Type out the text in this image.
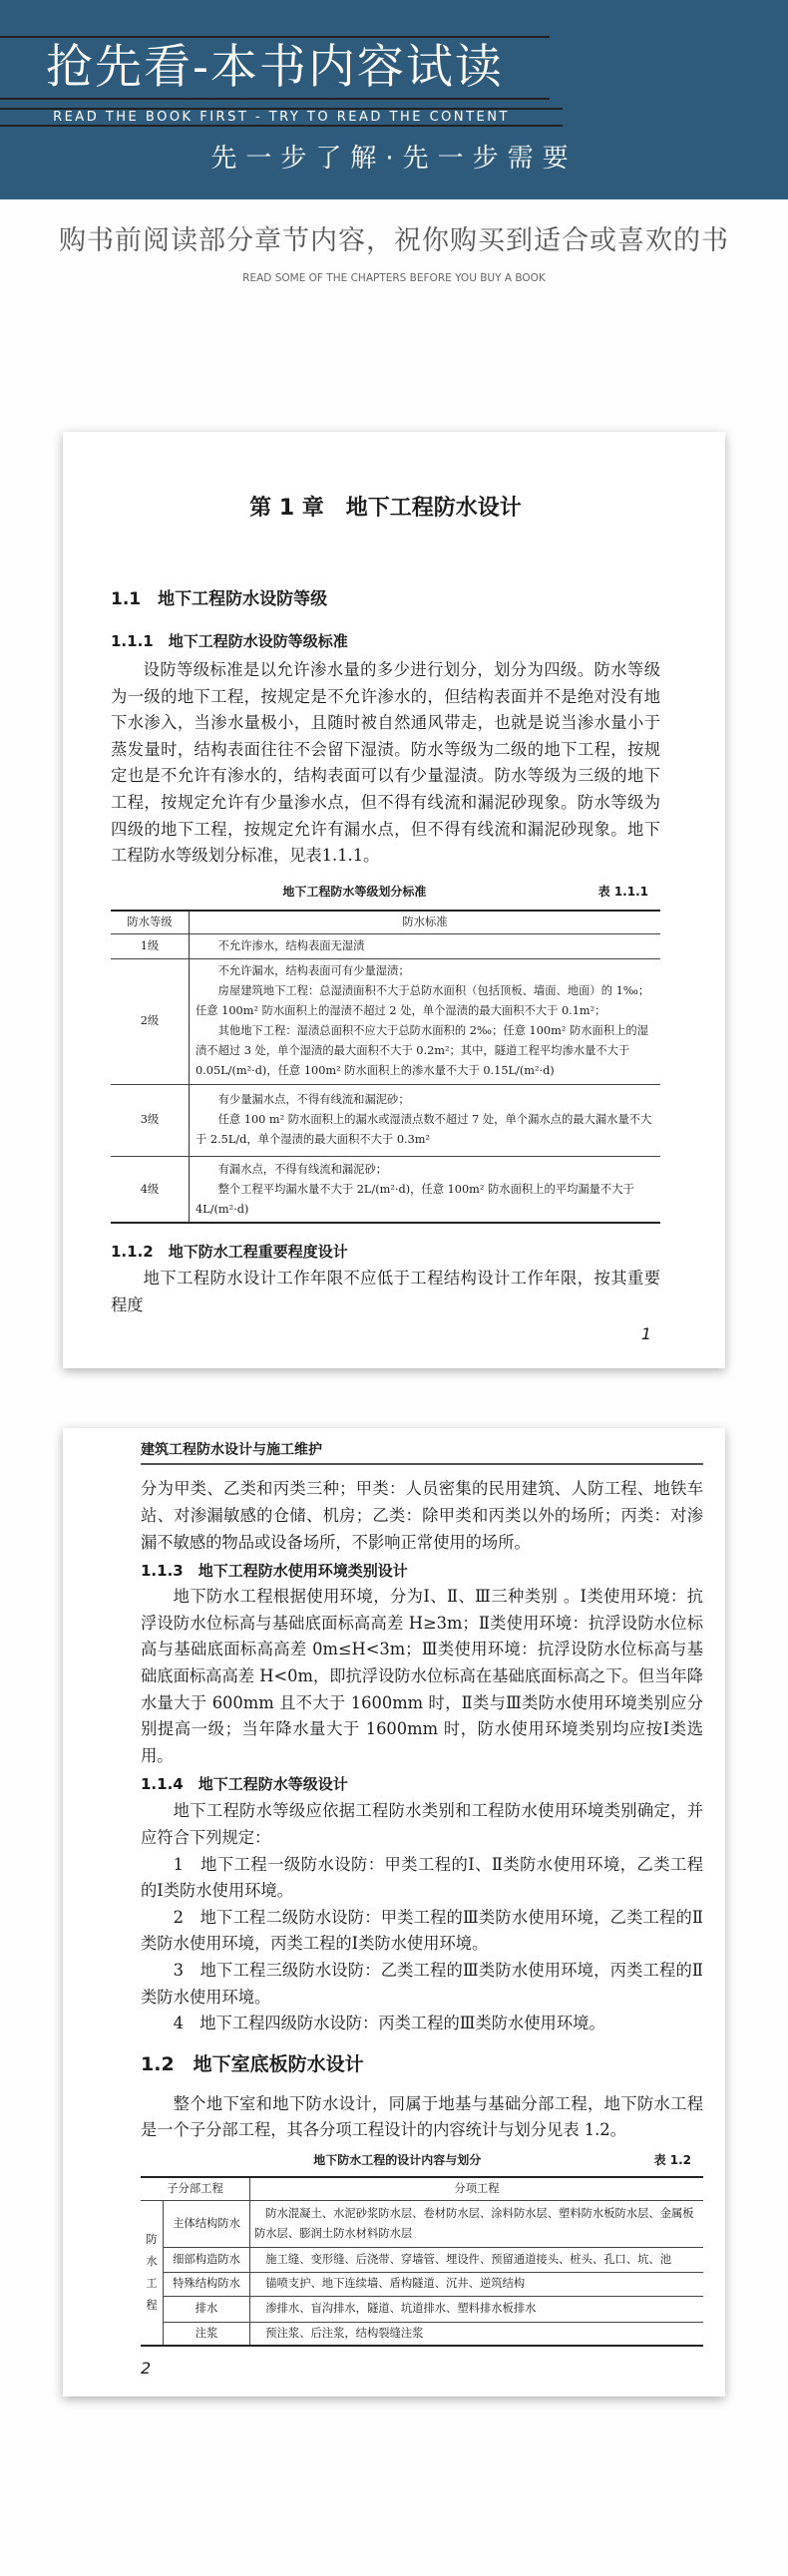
抢先看-本书内容试读
READ THE BOOK FIRST - TRY TO READ THE CONTENT
先一步了解·先一步需要
购书前阅读部分章节内容，祝你购买到适合或喜欢的书
READ SOME OF THE CHAPTERS BEFORE YOU BUY A BOOK
第 1 章　地下工程防水设计
1.1　地下工程防水设防等级
1.1.1　地下工程防水设防等级标准
设防等级标准是以允许渗水量的多少进行划分，划分为四级。防水等级为一级的地下工程，按规定是不允许渗水的，但结构表面并不是绝对没有地下水渗入，当渗水量极小，且随时被自然通风带走，也就是说当渗水量小于蒸发量时，结构表面往往不会留下湿渍。防水等级为二级的地下工程，按规定也是不允许有渗水的，结构表面可以有少量湿渍。防水等级为三级的地下工程，按规定允许有少量渗水点，但不得有线流和漏泥砂现象。防水等级为四级的地下工程，按规定允许有漏水点，但不得有线流和漏泥砂现象。地下工程防水等级划分标准，见表1.1.1。
地下工程防水等级划分标准	表 1.1.1
防水等级	防水标准
1级	不允许渗水，结构表面无湿渍

2级	不允许漏水，结构表面可有少量湿渍；

房屋建筑地下工程：总湿渍面积不大于总防水面积（包括顶板、墙面、地面）的 1‰；任意 100m² 防水面积上的湿渍不超过 2 处，单个湿渍的最大面积不大于 0.1m²；

其他地下工程：湿渍总面积不应大于总防水面积的 2‰；任意 100m² 防水面积上的湿渍不超过 3 处，单个湿渍的最大面积不大于 0.2m²；其中，隧道工程平均渗水量不大于 0.05L/(m²·d)，任意 100m² 防水面积上的渗水量不大于 0.15L/(m²·d)

3级	有少量漏水点，不得有线流和漏泥砂；

任意 100 m² 防水面积上的漏水或湿渍点数不超过 7 处，单个漏水点的最大漏水量不大于 2.5L/d，单个湿渍的最大面积不大于 0.3m²

4级	有漏水点，不得有线流和漏泥砂；

整个工程平均漏水量不大于 2L/(m²·d)，任意 100m² 防水面积上的平均漏量不大于 4L/(m²·d)

1.1.2　地下防水工程重要程度设计
地下工程防水设计工作年限不应低于工程结构设计工作年限，按其重要程度
1
建筑工程防水设计与施工维护
分为甲类、乙类和丙类三种；甲类：人员密集的民用建筑、人防工程、地铁车站、对渗漏敏感的仓储、机房；乙类：除甲类和丙类以外的场所；丙类：对渗漏不敏感的物品或设备场所，不影响正常使用的场所。
1.1.3　地下工程防水使用环境类别设计
地下防水工程根据使用环境，分为Ⅰ、Ⅱ、Ⅲ三种类别 。Ⅰ类使用环境：抗浮设防水位标高与基础底面标高高差 H≥3m；Ⅱ类使用环境：抗浮设防水位标高与基础底面标高高差 0m≤H<3m；Ⅲ类使用环境：抗浮设防水位标高与基础底面标高高差 H<0m，即抗浮设防水位标高在基础底面标高之下。但当年降水量大于 600mm 且不大于 1600mm 时，Ⅱ类与Ⅲ类防水使用环境类别应分别提高一级；当年降水量大于 1600mm 时，防水使用环境类别均应按Ⅰ类选用。
1.1.4　地下工程防水等级设计
地下工程防水等级应依据工程防水类别和工程防水使用环境类别确定，并应符合下列规定：
1　地下工程一级防水设防：甲类工程的Ⅰ、Ⅱ类防水使用环境，乙类工程的Ⅰ类防水使用环境。
2　地下工程二级防水设防：甲类工程的Ⅲ类防水使用环境，乙类工程的Ⅱ类防水使用环境，丙类工程的Ⅰ类防水使用环境。
3　地下工程三级防水设防：乙类工程的Ⅲ类防水使用环境，丙类工程的Ⅱ类防水使用环境。
4　地下工程四级防水设防：丙类工程的Ⅲ类防水使用环境。
1.2　地下室底板防水设计
整个地下室和地下防水设计，同属于地基与基础分部工程，地下防水工程是一个子分部工程，其各分项工程设计的内容统计与划分见表 1.2。
地下防水工程的设计内容与划分	表 1.2
子分部工程		分项工程
防水工程	主体结构防水	防水混凝土、水泥砂浆防水层、卷材防水层、涂料防水层、塑料防水板防水层、金属板防水层、膨润土防水材料防水层
	细部构造防水	施工缝、变形缝、后浇带、穿墙管、埋设件、预留通道接头、桩头、孔口、坑、池
	特殊结构防水	锚喷支护、地下连续墙、盾构隧道、沉井、逆筑结构
	排水	渗排水、盲沟排水，隧道、坑道排水、塑料排水板排水
	注浆	预注浆、后注浆，结构裂缝注浆
2
